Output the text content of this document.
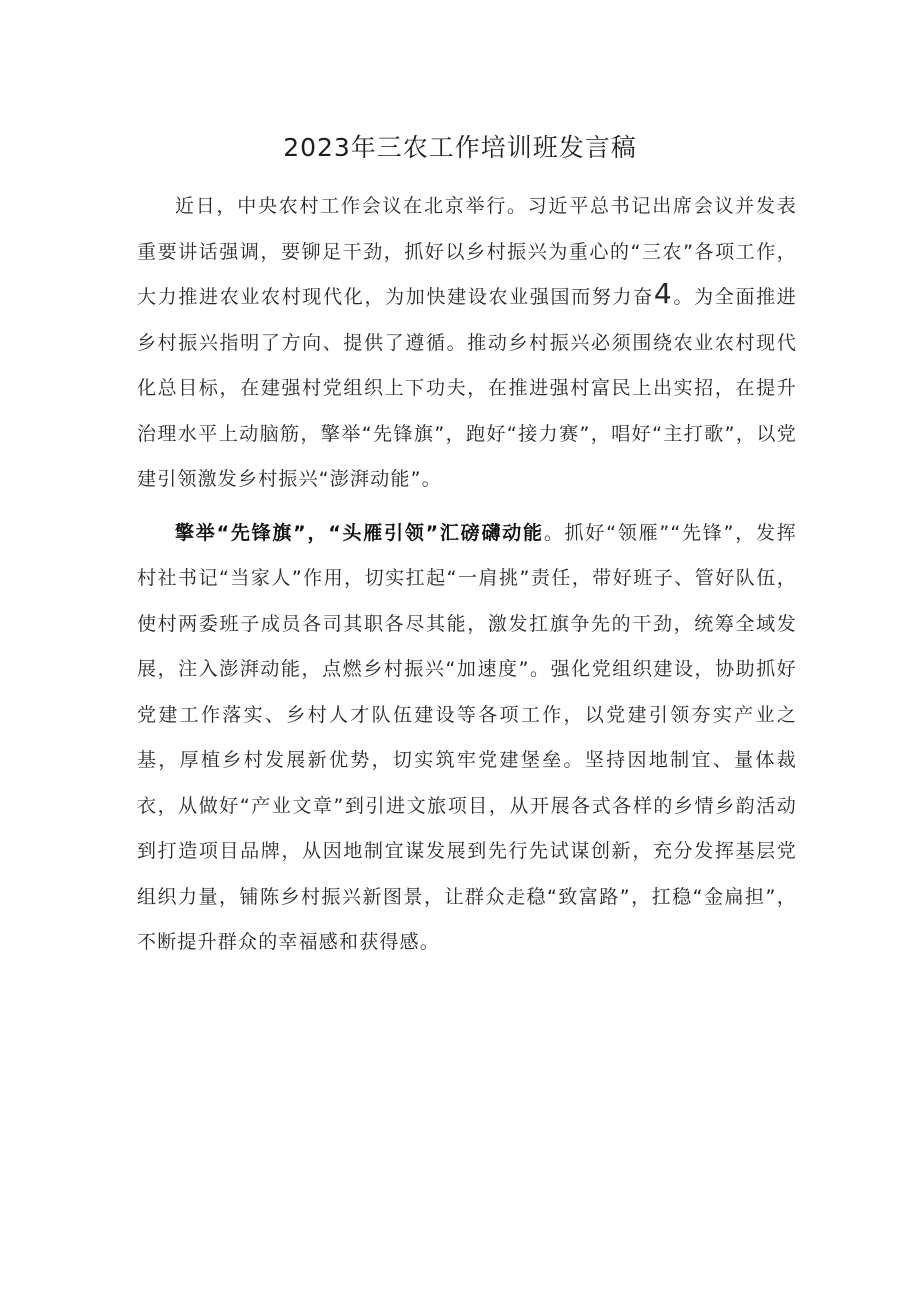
2023年三农工作培训班发言稿

近日，中央农村工作会议在北京举行。习近平总书记出席会议并发表重要讲话强调，要铆足干劲，抓好以乡村振兴为重心的“三农”各项工作，大力推进农业农村现代化，为加快建设农业强国而努力奋4。为全面推进乡村振兴指明了方向、提供了遵循。推动乡村振兴必须围绕农业农村现代化总目标，在建强村党组织上下功夫，在推进强村富民上出实招，在提升治理水平上动脑筋，擎举“先锋旗”，跑好“接力赛”，唱好“主打歌”，以党建引领激发乡村振兴“澎湃动能”。

擎举“先锋旗”，“头雁引领”汇磅礴动能。抓好“领雁”“先锋”，发挥村社书记“当家人”作用，切实扛起“一肩挑”责任，带好班子、管好队伍，使村两委班子成员各司其职各尽其能，激发扛旗争先的干劲，统筹全域发展，注入澎湃动能，点燃乡村振兴“加速度”。强化党组织建设，协助抓好党建工作落实、乡村人才队伍建设等各项工作，以党建引领夯实产业之基，厚植乡村发展新优势，切实筑牢党建堡垒。坚持因地制宜、量体裁衣，从做好“产业文章”到引进文旅项目，从开展各式各样的乡情乡韵活动到打造项目品牌，从因地制宜谋发展到先行先试谋创新，充分发挥基层党组织力量，铺陈乡村振兴新图景，让群众走稳“致富路”，扛稳“金扁担”，不断提升群众的幸福感和获得感。
